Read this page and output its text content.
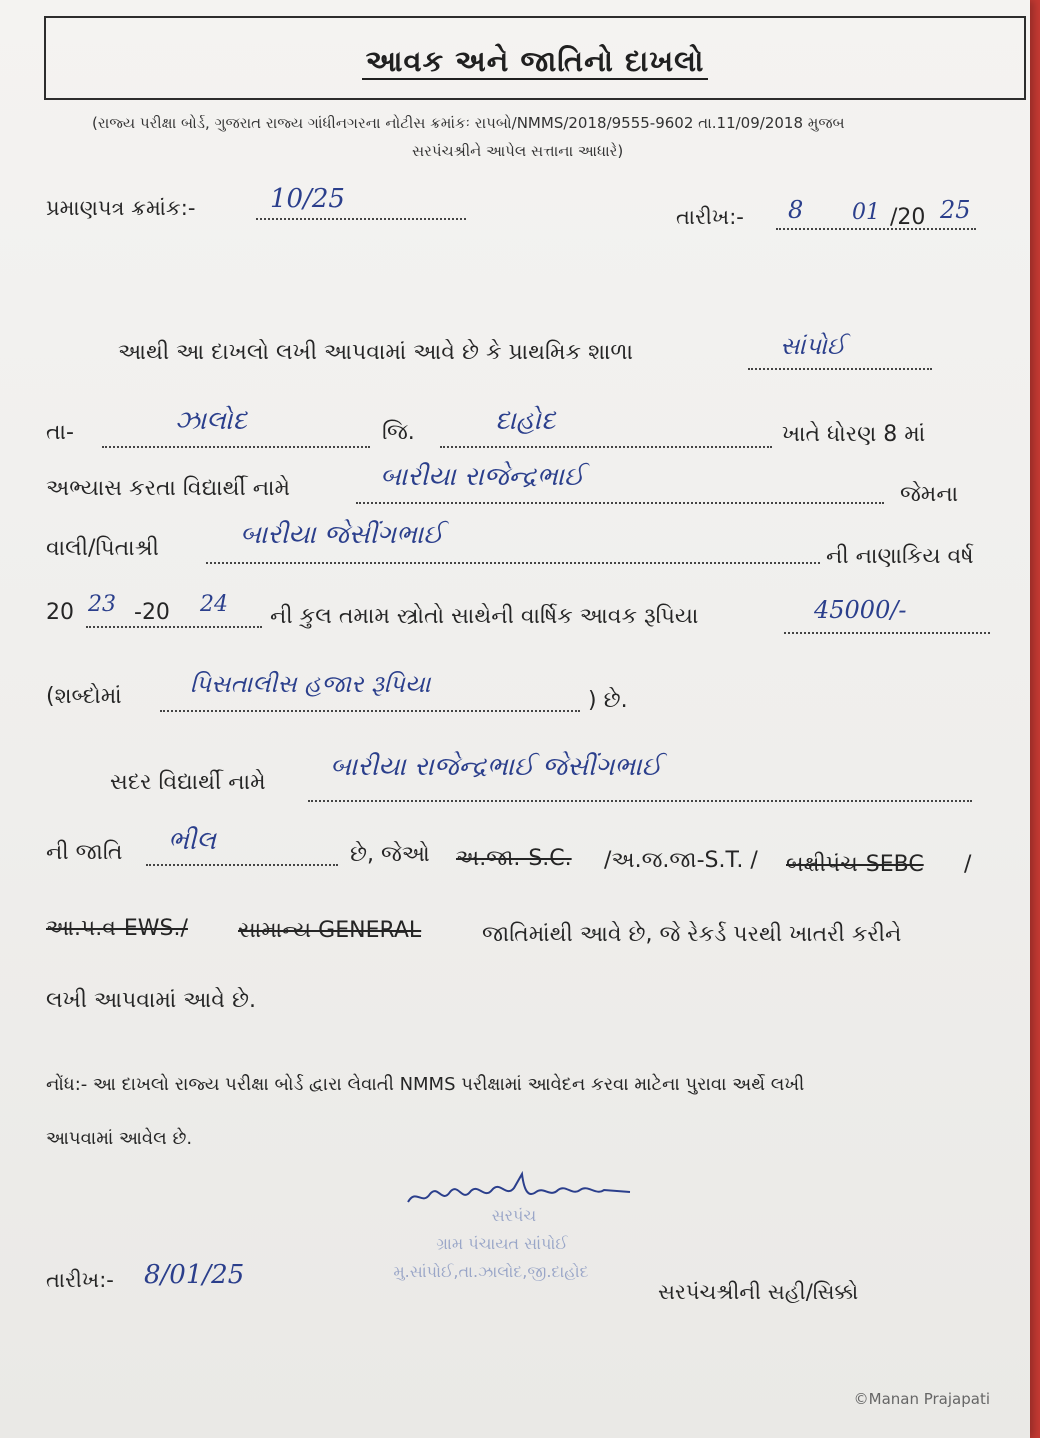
આવક અને જાતિનો દાખલો
(રાજ્ય પરીક્ષા બોર્ડ, ગુજરાત રાજ્ય ગાંધીનગરના નોટીસ ક્રમાંકઃ રાપબો/NMMS/2018/9555-9602 તા.11/09/2018 મુજબ
સરપંચશ્રીને આપેલ સત્તાના આધારે)
પ્રમાણપત્ર ક્રમાંક:-	10/25
તારીખ:- 8 01 /20 25
આથી આ દાખલો લખી આપવામાં આવે છે કે પ્રાથમિક શાળા	સાંપોઈ
તા-	ઝાલોદ	જિ.	દાહોદ	ખાતે ધોરણ 8 માં
અભ્યાસ કરતા વિદ્યાર્થી નામે	બારીયા રાજેન્દ્રભાઈ
જેમના
વાલી/પિતાશ્રી	બારીયા જેસીંગભાઈ
ની નાણાકિય વર્ષ
20 23 -20 24 ની કુલ તમામ સ્ત્રોતો સાથેની વાર્ષિક આવક રૂપિયા	45000/-
(શબ્દોમાં	પિસતાલીસ હજાર રૂપિયા
) છે.
સદર વિદ્યાર્થી નામે
બારીયા રાજેન્દ્રભાઈ જેસીંગભાઈ
ની જાતિ ભીલ	છે, જેઓ અ.જા.-S.C. /અ.જ.જા-S.T. / બક્ષીપંચ-SEBC /
આ.પ.વ-EWS./ સામાન્ય GENERAL	જાતિમાંથી આવે છે, જે રેકર્ડ પરથી ખાતરી કરીને
લખી આપવામાં આવે છે.
નોંધ:- આ દાખલો રાજ્ય પરીક્ષા બોર્ડ દ્વારા લેવાતી NMMS પરીક્ષામાં આવેદન કરવા માટેના પુરાવા અર્થે લખી
આપવામાં આવેલ છે.
સરપંચ
ગ્રામ પંચાયત સાંપોઈ
મુ.સાંપોઈ,તા.ઝાલોદ,જી.દાહોદ
તારીખ:- 8/01/25
સરપંચશ્રીની સહી/સિક્કો
©Manan Prajapati
